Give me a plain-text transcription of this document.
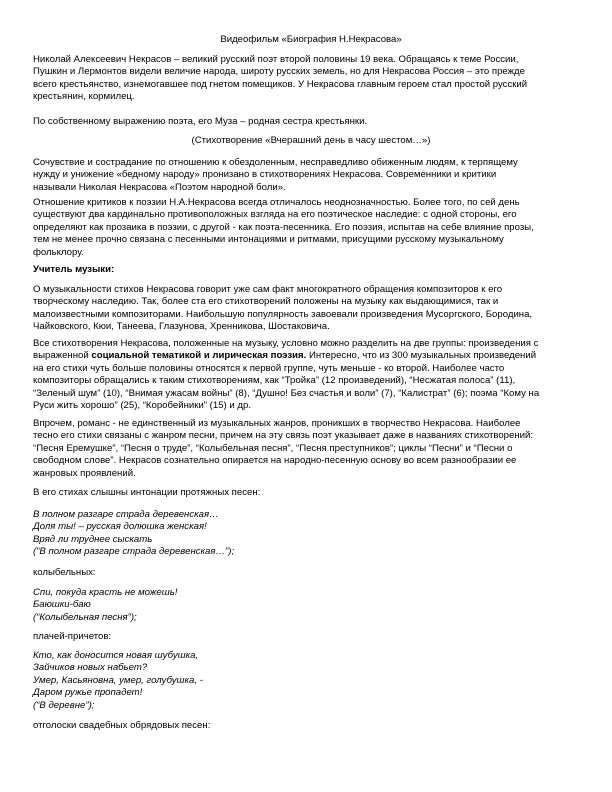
Видеофильм «Биография Н.Некрасова»
Николай Алексеевич Некрасов – великий русский поэт второй половины 19 века. Обращаясь к теме России,
Пушкин и Лермонтов видели величие народа, широту русских земель, но для Некрасова Россия – это прежде
всего крестьянство, изнемогавшее под гнетом помещиков. У Некрасова главным героем стал простой русский
крестьянин, кормилец.
По собственному выражению поэта, его Муза – родная сестра крестьянки.
(Стихотворение «Вчерашний день в часу шестом…»)
Сочувствие и сострадание по отношению к обездоленным, несправедливо обиженным людям, к терпящему
нужду и унижение «бедному народу» пронизано в стихотворениях Некрасова. Современники и критики
называли Николая Некрасова «Поэтом народной боли».
Отношение критиков к поэзии Н.А.Некрасова всегда отличалось неоднозначностью. Более того, по сей день
существуют два кардинально противоположных взгляда на его поэтическое наследие: с одной стороны, его
определяют как прозаика в поэзии, с другой - как поэта-песенника. Его поэзия, испытав на себе влияние прозы,
тем не менее прочно связана с песенными интонациями и ритмами, присущими русскому музыкальному
фольклору.
Учитель музыки:
О музыкальности стихов Некрасова говорит уже сам факт многократного обращения композиторов к его
творческому наследию. Так, более ста его стихотворений положены на музыку как выдающимися, так и
малоизвестными композиторами. Наибольшую популярность завоевали произведения Мусоргского, Бородина,
Чайковского, Кюи, Танеева, Глазунова, Хренникова, Шостаковича.
Все стихотворения Некрасова, положенные на музыку, условно можно разделить на две группы: произведения с
выраженной социальной тематикой и лирическая поэзия. Интересно, что из 300 музыкальных произведений
на его стихи чуть больше половины относятся к первой группе, чуть меньше - ко второй. Наиболее часто
композиторы обращались к таким стихотворениям, как “Тройка” (12 произведений), “Несжатая полоса” (11),
“Зеленый шум” (10), “Внимая ужасам войны” (8), “Душно! Без счастья и воли” (7), “Калистрат” (6); поэма “Кому на
Руси жить хорошо” (25), “Коробейники” (15) и др.
Впрочем, романс - не единственный из музыкальных жанров, проникших в творчество Некрасова. Наиболее
тесно его стихи связаны с жанром песни, причем на эту связь поэт указывает даже в названиях стихотворений:
“Песня Еремушке”, “Песня о труде”, “Колыбельная песня”, “Песня преступников”; циклы “Песни” и “Песни о
свободном слове”. Некрасов сознательно опирается на народно-песенную основу во всем разнообразии ее
жанровых проявлений.
В его стихах слышны интонации протяжных песен:
В полном разгаре страда деревенская…
Доля ты! – русская долюшка женская!
Вряд ли труднее сыскать
(“В полном разгаре страда деревенская…”);
колыбельных:
Спи, покуда красть не можешь!
Баюшки-баю
(“Колыбельная песня”);
плачей-причетов:
Кто, как доносится новая шубушка,
Зайчиков новых набьет?
Умер, Касьяновна, умер, голубушка, -
Даром ружье пропадет!
(“В деревне”);
отголоски свадебных обрядовых песен:
